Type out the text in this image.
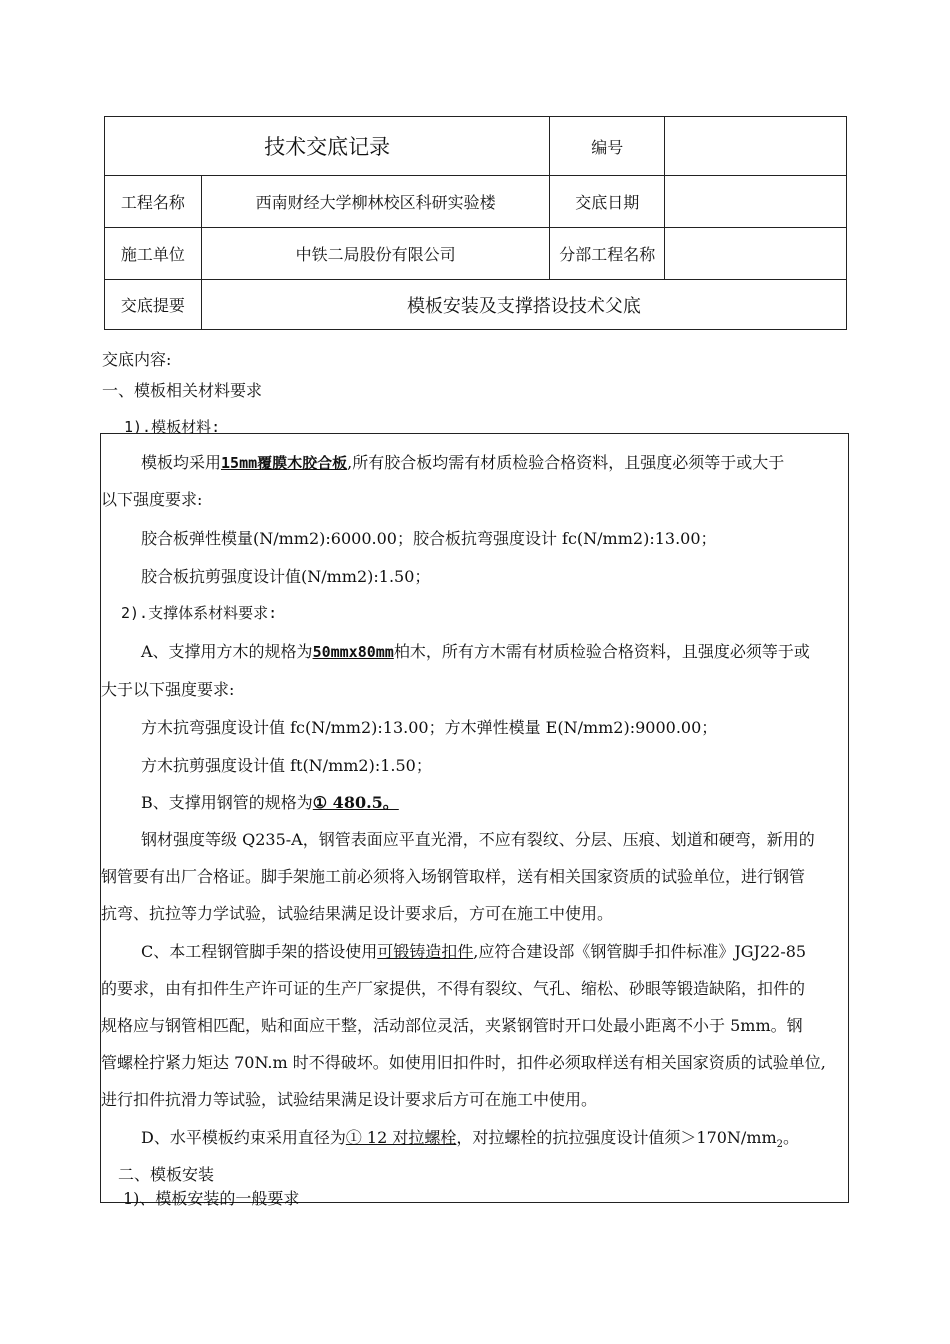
技术交底记录		编号	
工程名称	西南财经大学柳林校区科研实验楼	交底日期	
施工单位	中铁二局股份有限公司	分部工程名称	
交底提要	模板安装及支撑搭设技术父底		
交底内容:
一、模板相关材料要求
1).模板材料:
模板均采用15mm覆膜木胶合板,所有胶合板均需有材质检验合格资料，且强度必须等于或大于
以下强度要求:
胶合板弹性模量(N/mm2):6000.00；胶合板抗弯强度设计 fc(N/mm2):13.00；
胶合板抗剪强度设计值(N/mm2):1.50；
2).支撑体系材料要求:
A、支撑用方木的规格为50mmx80mm柏木，所有方木需有材质检验合格资料，且强度必须等于或
大于以下强度要求:
方木抗弯强度设计值 fc(N/mm2):13.00；方木弹性模量 E(N/mm2):9000.00；
方木抗剪强度设计值 ft(N/mm2):1.50；
B、支撑用钢管的规格为① 480.5。
钢材强度等级 Q235-A，钢管表面应平直光滑，不应有裂纹、分层、压痕、划道和硬弯，新用的
钢管要有出厂合格证。脚手架施工前必须将入场钢管取样，送有相关国家资质的试验单位，进行钢管
抗弯、抗拉等力学试验，试验结果满足设计要求后，方可在施工中使用。
C、本工程钢管脚手架的搭设使用可锻铸造扣件,应符合建设部《钢管脚手扣件标准》JGJ22-85
的要求，由有扣件生产许可证的生产厂家提供，不得有裂纹、气孔、缩松、砂眼等锻造缺陷，扣件的
规格应与钢管相匹配，贴和面应干整，活动部位灵活，夹紧钢管时开口处最小距离不小于 5mm。钢
管螺栓拧紧力矩达 70N.m 时不得破坏。如使用旧扣件时，扣件必须取样送有相关国家资质的试验单位,
进行扣件抗滑力等试验，试验结果满足设计要求后方可在施工中使用。
D、水平模板约束采用直径为① 12 对拉螺栓，对拉螺栓的抗拉强度设计值须$>170N/mm_2$。
二、模板安装
1)、模板安装的一般要求
